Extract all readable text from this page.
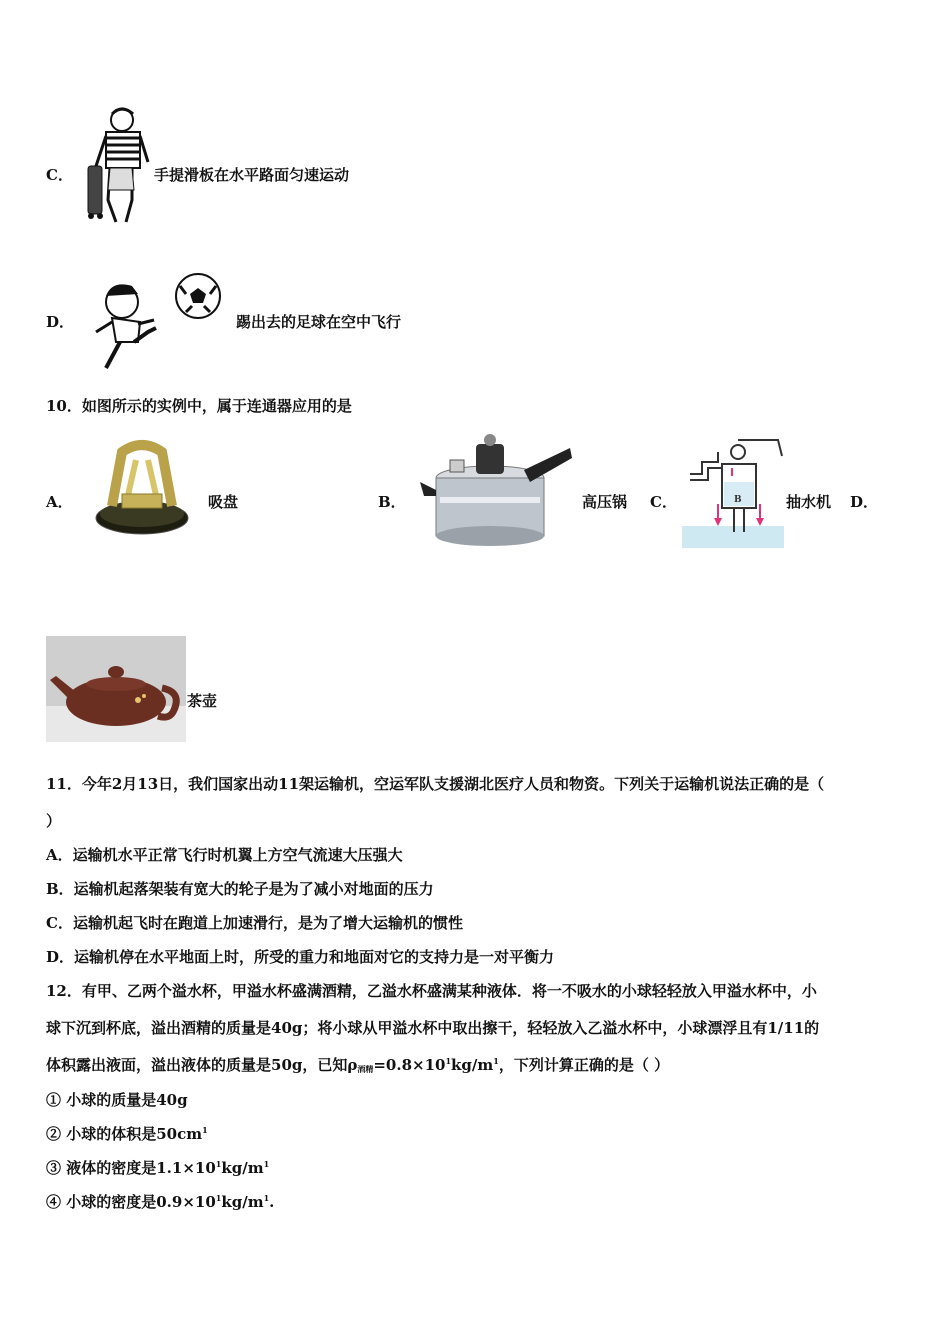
C．	手提滑板在水平路面匀速运动
D．	踢出去的足球在空中飞行
10．如图所示的实例中，属于连通器应用的是
A．	吸盘	B．	高压锅 C．	B	抽水机 D．
茶壶
11．今年2月13日，我们国家出动11架运输机，空运军队支援湖北医疗人员和物资。下列关于运输机说法正确的是（
）
A．运输机水平正常飞行时机翼上方空气流速大压强大
B．运输机起落架装有宽大的轮子是为了减小对地面的压力
C．运输机起飞时在跑道上加速滑行，是为了增大运输机的惯性
D．运输机停在水平地面上时，所受的重力和地面对它的支持力是一对平衡力
12．有甲、乙两个溢水杯，甲溢水杯盛满酒精，乙溢水杯盛满某种液体．将一不吸水的小球轻轻放入甲溢水杯中，小
球下沉到杯底，溢出酒精的质量是40g；将小球从甲溢水杯中取出擦干，轻轻放入乙溢水杯中，小球漂浮且有1/11的
体积露出液面，溢出液体的质量是50g，已知$\rho_{酒精}=0.8\times 10^1kg/m^1$，下列计算正确的是（ ）
① 小球的质量是40g
② 小球的体积是$50cm^1$
③ 液体的密度是$1.1\times 10^1kg/m^1$
④ 小球的密度是$0.9\times 10^1kg/m^1$.
